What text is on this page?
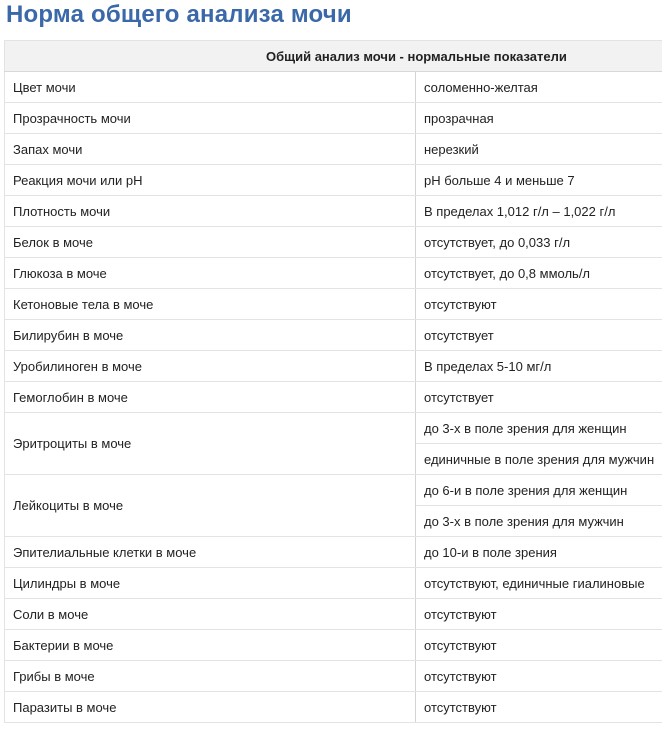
Норма общего анализа мочи
Общий анализ мочи - нормальные показатели	
Цвет мочи	соломенно-желтая
Прозрачность мочи	прозрачная
Запах мочи	нерезкий
Реакция мочи или pH	pH больше 4 и меньше 7
Плотность мочи	В пределах 1,012 г/л – 1,022 г/л
Белок в моче	отсутствует, до 0,033 г/л
Глюкоза в моче	отсутствует, до 0,8 ммоль/л
Кетоновые тела в моче	отсутствуют
Билирубин в моче	отсутствует
Уробилиноген в моче	В пределах 5-10 мг/л
Гемоглобин в моче	отсутствует
Эритроциты в моче	до 3-х в поле зрения для женщин
	единичные в поле зрения для мужчин
Лейкоциты в моче	до 6-и в поле зрения для женщин
	до 3-х в поле зрения для мужчин
Эпителиальные клетки в моче	до 10-и в поле зрения
Цилиндры в моче	отсутствуют, единичные гиалиновые
Соли в моче	отсутствуют
Бактерии в моче	отсутствуют
Грибы в моче	отсутствуют
Паразиты в моче	отсутствуют
